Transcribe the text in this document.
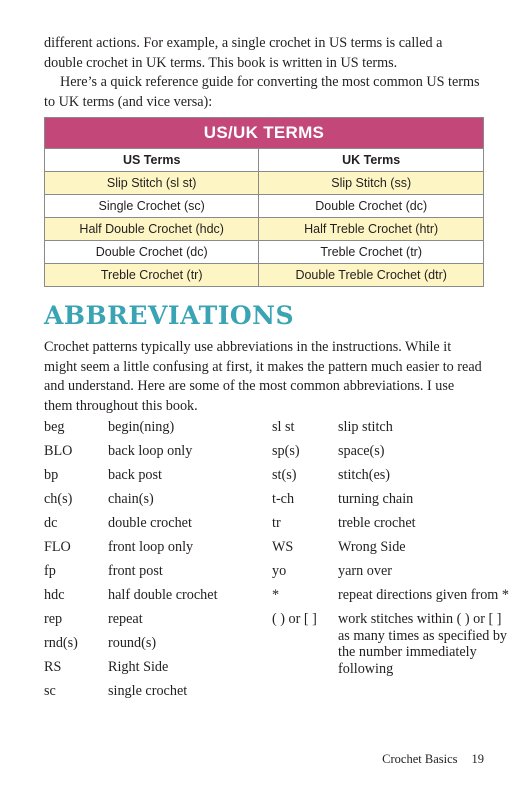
different actions. For example, a single crochet in US terms is called a double crochet in UK terms. This book is written in US terms.

Here’s a quick reference guide for converting the most common US terms to UK terms (and vice versa):

US/UK TERMS	
US Terms	UK Terms
Slip Stitch (sl st)	Slip Stitch (ss)
Single Crochet (sc)	Double Crochet (dc)
Half Double Crochet (hdc)	Half Treble Crochet (htr)
Double Crochet (dc)	Treble Crochet (tr)
Treble Crochet (tr)	Double Treble Crochet (dtr)
ABBREVIATIONS

Crochet patterns typically use abbreviations in the instructions. While it might seem a little confusing at first, it makes the pattern much easier to read and understand. Here are some of the most common abbreviations. I use them throughout this book.

beg	begin(ning)
BLO	back loop only
bp	back post
ch(s)	chain(s)
dc	double crochet
FLO	front loop only
fp	front post
hdc	half double crochet
rep	repeat
rnd(s)	round(s)
RS	Right Side
sc	single crochet
sl st	slip stitch
sp(s)	space(s)
st(s)	stitch(es)
t-ch	turning chain
tr	treble crochet
WS	Wrong Side
yo	yarn over
*	repeat directions given from *
( ) or [ ]	work stitches within ( ) or [ ] as many times as specified by the number immediately following
Crochet Basics 19
